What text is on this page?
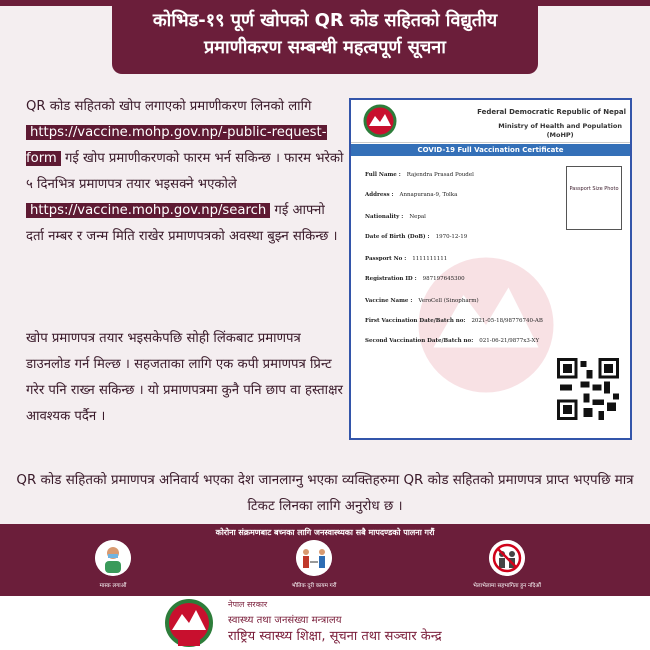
कोभिड-१९ पूर्ण खोपको QR कोड सहितको विद्युतीय
प्रमाणीकरण सम्बन्धी महत्वपूर्ण सूचना
QR कोड सहितको खोप लगाएको प्रमाणीकरण लिनको लागि https://vaccine.mohp.gov.np/-public-request-form गई खोप प्रमाणीकरणको फारम भर्न सकिन्छ । फारम भरेको ५ दिनभित्र प्रमाणपत्र तयार भइसक्ने भएकोले https://vaccine.mohp.gov.np/search गई आफ्नो दर्ता नम्बर र जन्म मिति राखेर प्रमाणपत्रको अवस्था बुझ्न सकिन्छ ।
खोप प्रमाणपत्र तयार भइसकेपछि सोही लिंकबाट प्रमाणपत्र डाउनलोड गर्न मिल्छ । सहजताका लागि एक कपी प्रमाणपत्र प्रिन्ट गरेर पनि राख्न सकिन्छ । यो प्रमाणपत्रमा कुनै पनि छाप वा हस्ताक्षर आवश्यक पर्दैन ।
Federal Democratic Republic of Nepal
Ministry of Health and Population
(MoHP)
COVID-19 Full Vaccination Certificate
Passport Size Photo
Full Name : Rajendra Prasad Poudel
Address : Annapurana-9, Tolka
Nationality : Nepal
Date of Birth (DoB) : 1970-12-19
Passport No : 1111111111
Registration ID : 987197645300
Vaccine Name : VeroCell (Sinopharm)
First Vaccination Date/Batch no: 2021-05-18/98776740-AB
Second Vaccination Date/Batch no: 021-06-21/9877x3-XY
QR कोड सहितको प्रमाणपत्र अनिवार्य भएका देश जानलाग्नु भएका व्यक्तिहरुमा QR कोड सहितको प्रमाणपत्र प्राप्त भएपछि मात्र टिकट लिनका लागि अनुरोध छ ।
कोरोना संक्रमणबाट बच्नका लागि जनस्वास्थ्यका सबै मापदण्डको पालना गरौं
मास्क लगाऔं	भौतिक दूरी कायम गरौं	भेलाभेलामा सहभागिता हुन नदिऔं
नेपाल सरकार
स्वास्थ्य तथा जनसंख्या मन्त्रालय
राष्ट्रिय स्वास्थ्य शिक्षा, सूचना तथा सञ्चार केन्द्र
